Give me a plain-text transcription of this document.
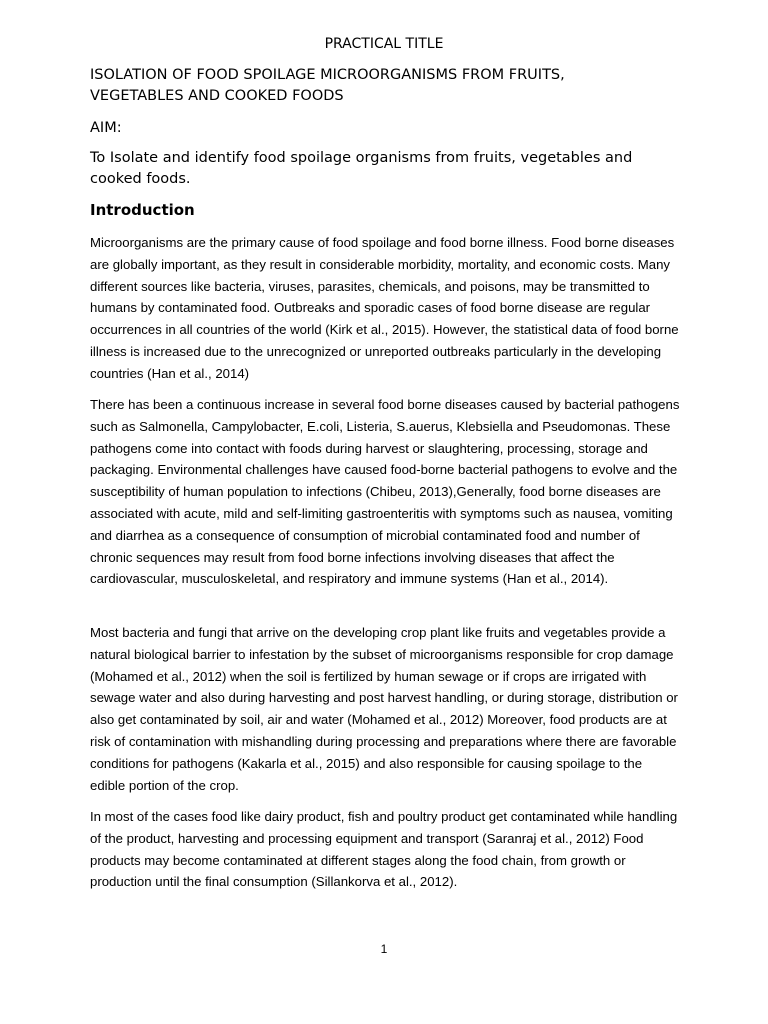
PRACTICAL TITLE

ISOLATION OF FOOD SPOILAGE MICROORGANISMS FROM FRUITS,
VEGETABLES AND COOKED FOODS

AIM:

To Isolate and identify food spoilage organisms from fruits, vegetables and cooked foods.

Introduction

Microorganisms are the primary cause of food spoilage and food borne illness. Food borne diseases are globally important, as they result in considerable morbidity, mortality, and economic costs. Many different sources like bacteria, viruses, parasites, chemicals, and poisons, may be transmitted to humans by contaminated food. Outbreaks and sporadic cases of food borne disease are regular occurrences in all countries of the world (Kirk et al., 2015). However, the statistical data of food borne illness is increased due to the unrecognized or unreported outbreaks particularly in the developing countries (Han et al., 2014)

There has been a continuous increase in several food borne diseases caused by bacterial pathogens such as Salmonella, Campylobacter, E.coli, Listeria, S.auerus, Klebsiella and Pseudomonas. These pathogens come into contact with foods during harvest or slaughtering, processing, storage and packaging. Environmental challenges have caused food-borne bacterial pathogens to evolve and the susceptibility of human population to infections (Chibeu, 2013),Generally, food borne diseases are associated with acute, mild and self-limiting gastroenteritis with symptoms such as nausea, vomiting and diarrhea as a consequence of consumption of microbial contaminated food and number of chronic sequences may result from food borne infections involving diseases that affect the cardiovascular, musculoskeletal, and respiratory and immune systems (Han et al., 2014).

Most bacteria and fungi that arrive on the developing crop plant like fruits and vegetables provide a natural biological barrier to infestation by the subset of microorganisms responsible for crop damage (Mohamed et al., 2012) when the soil is fertilized by human sewage or if crops are irrigated with sewage water and also during harvesting and post harvest handling, or during storage, distribution or also get contaminated by soil, air and water (Mohamed et al., 2012) Moreover, food products are at risk of contamination with mishandling during processing and preparations where there are favorable conditions for pathogens (Kakarla et al., 2015) and also responsible for causing spoilage to the edible portion of the crop.

In most of the cases food like dairy product, fish and poultry product get contaminated while handling of the product, harvesting and processing equipment and transport (Saranraj et al., 2012) Food products may become contaminated at different stages along the food chain, from growth or production until the final consumption (Sillankorva et al., 2012).

1
